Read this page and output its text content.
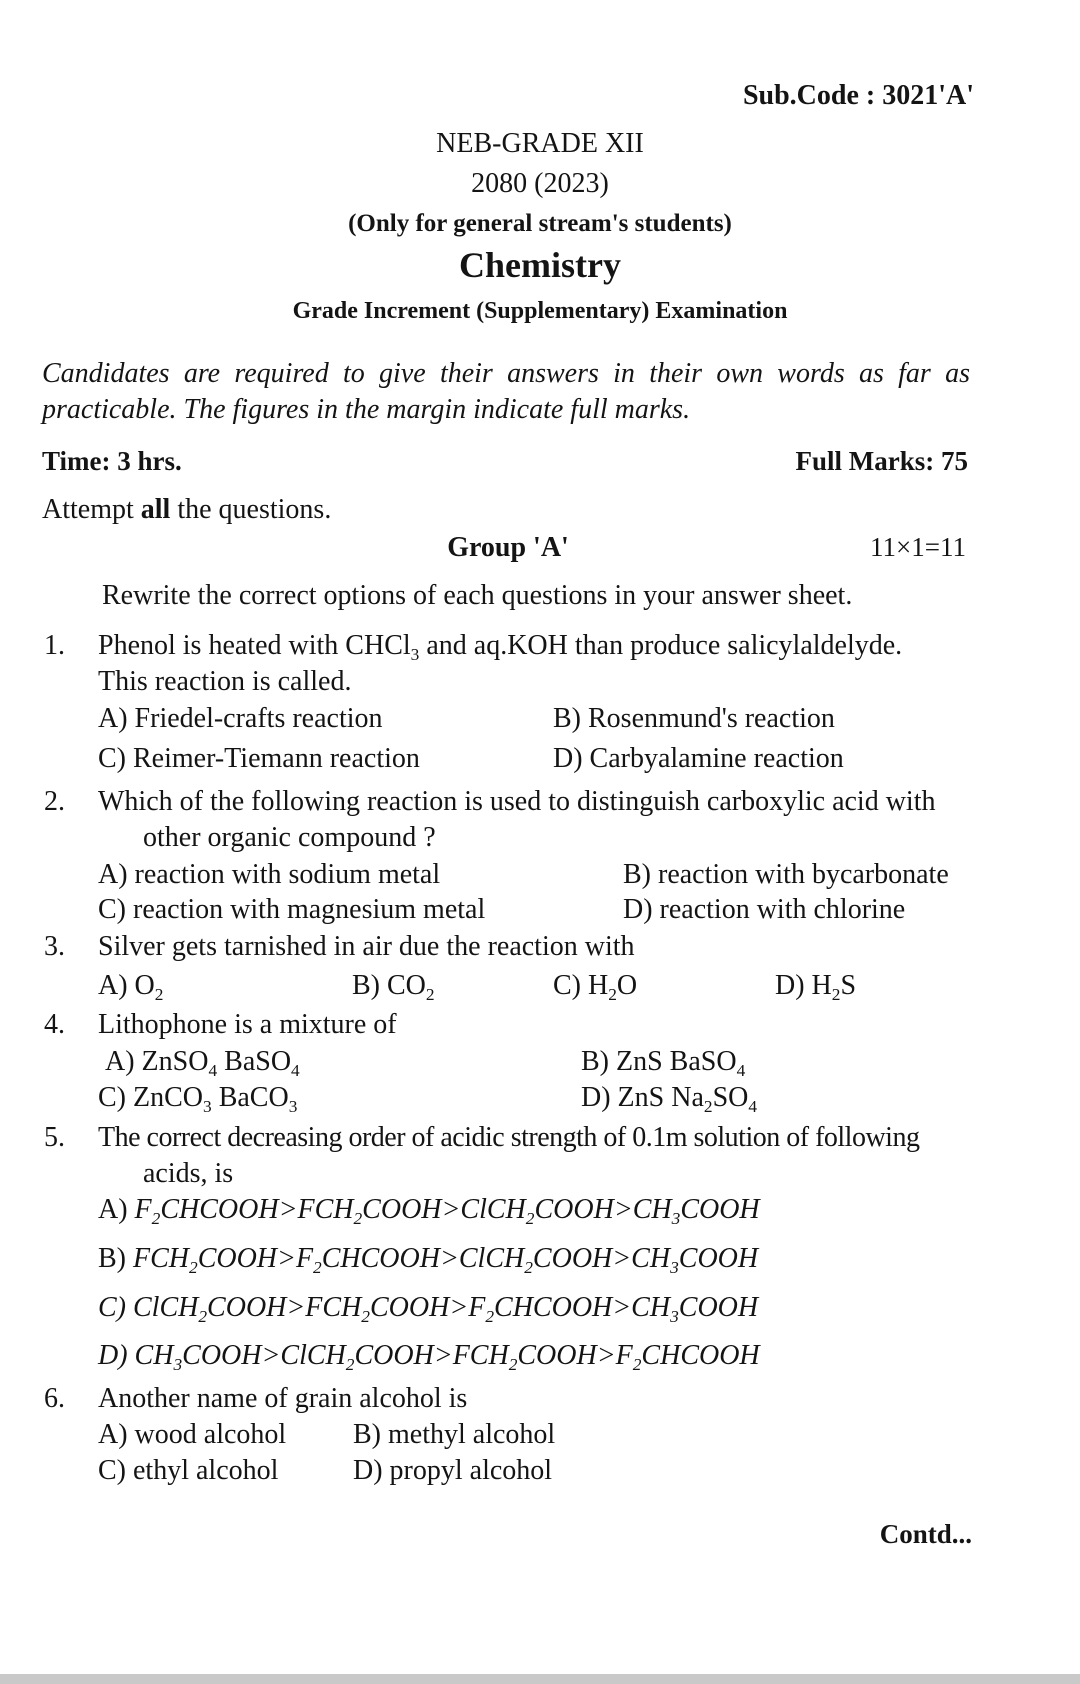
Sub.Code : 3021'A'
NEB-GRADE XII
2080 (2023)
(Only for general stream's students)
Chemistry
Grade Increment (Supplementary) Examination
Candidates are required to give their answers in their own words as far as
practicable. The figures in the margin indicate full marks.
Time: 3 hrs.	Full Marks: 75
Attempt all the questions.
Group 'A'	11×1=11
Rewrite the correct options of each questions in your answer sheet.
1. Phenol is heated with CHCl$_3$ and aq.KOH than produce salicylaldelyde.
This reaction is called.
A) Friedel-crafts reaction	B) Rosenmund's reaction
C) Reimer-Tiemann reaction	D) Carbyalamine reaction
2. Which of the following reaction is used to distinguish carboxylic acid with
other organic compound ?
A) reaction with sodium metal	B) reaction with bycarbonate
C) reaction with magnesium metal	D) reaction with chlorine
3. Silver gets tarnished in air due the reaction with
A) $O_2$	B) $CO_2$	C) $H_2O$	D) $H_2S$
4. Lithophone is a mixture of
A) ZnSO$_4$ BaSO$_4$	B) ZnS BaSO$_4$
C) ZnCO$_3$ BaCO$_3$	D) ZnS $Na_2SO_4$
5. The correct decreasing order of acidic strength of 0.1m solution of following
acids, is
A) $F_2CHCOOH>FCH_2COOH>ClCH_2COOH>CH_3COOH$
B) $FCH_2COOH>F_2CHCOOH>ClCH_2COOH>CH_3COOH$
C) $ClCH_2COOH>FCH_2COOH>F_2CHCOOH>CH_3COOH$
D) $CH_3COOH>ClCH_2COOH>FCH_2COOH>F_2CHCOOH$
6. Another name of grain alcohol is
A) wood alcohol B) methyl alcohol
C) ethyl alcohol	D) propyl alcohol
Contd...
